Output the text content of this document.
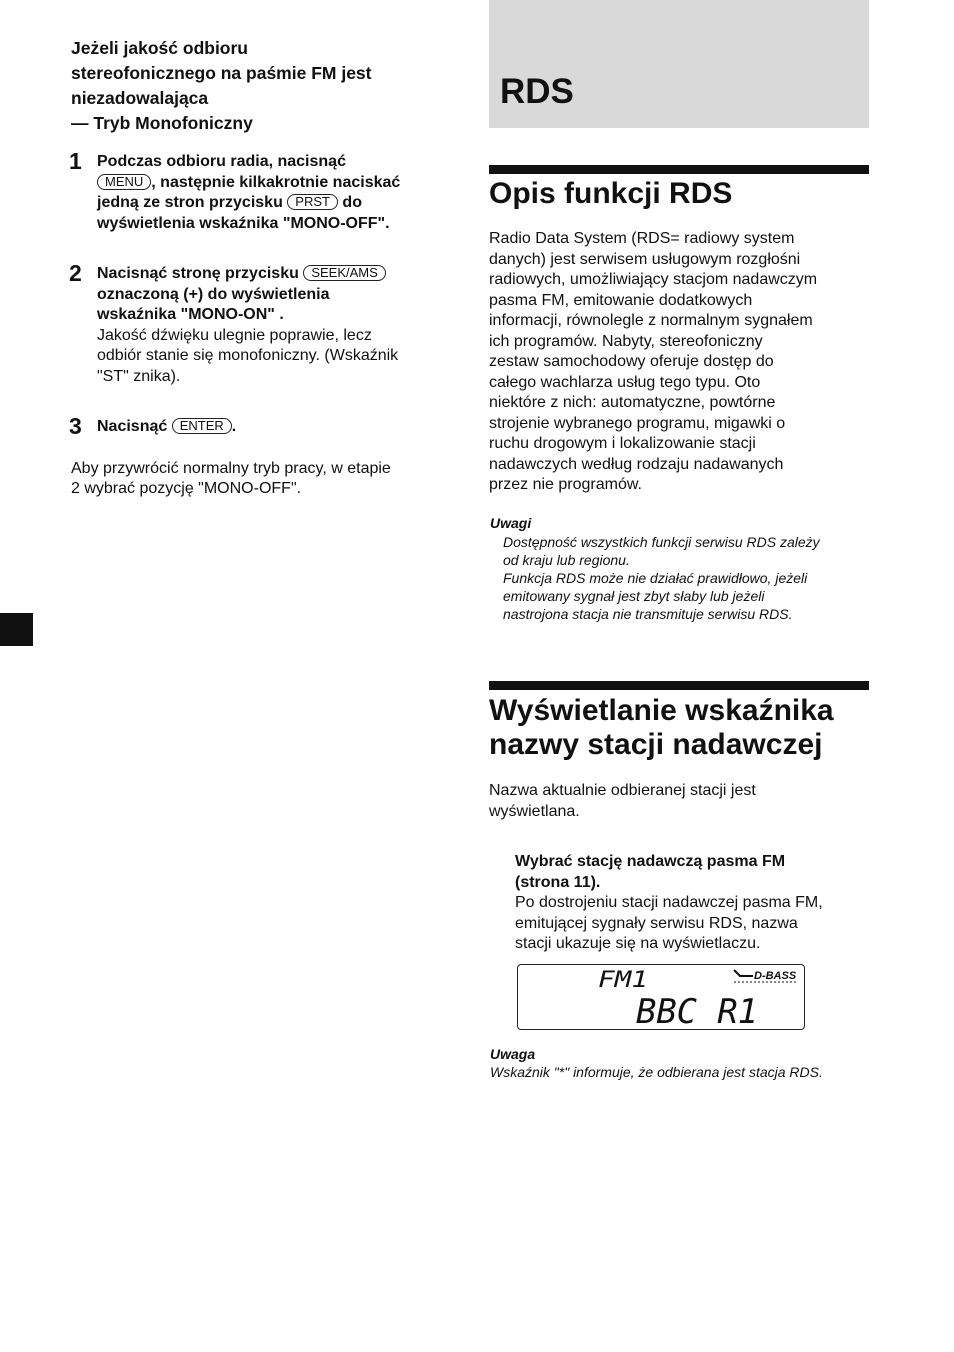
Jeżeli jakość odbioru
stereofonicznego na paśmie FM jest
niezadowalająca
— Tryb Monofoniczny
1 Podczas odbioru radia, nacisnąć
MENU , następnie kilkakrotnie naciskać
jedną ze stron przycisku PRST do
wyświetlenia wskaźnika "MONO-OFF".
2 Nacisnąć stronę przycisku SEEK/AMS
oznaczoną (+) do wyświetlenia
wskaźnika "MONO-ON" .
Jakość dźwięku ulegnie poprawie, lecz
odbiór stanie się monofoniczny. (Wskaźnik
"ST" znika).
3 Nacisnąć ENTER .

Aby przywrócić normalny tryb pracy, w etapie
2 wybrać pozycję "MONO-OFF".

RDS
Opis funkcji RDS

Radio Data System (RDS= radiowy system
danych) jest serwisem usługowym rozgłośni
radiowych, umożliwiający stacjom nadawczym
pasma FM, emitowanie dodatkowych
informacji, równolegle z normalnym sygnałem
ich programów. Nabyty, stereofoniczny
zestaw samochodowy oferuje dostęp do
całego wachlarza usług tego typu. Oto
niektóre z nich: automatyczne, powtórne
strojenie wybranego programu, migawki o
ruchu drogowym i lokalizowanie stacji
nadawczych według rodzaju nadawanych
przez nie programów.

Uwagi

Dostępność wszystkich funkcji serwisu RDS zależy
od kraju lub regionu.
Funkcja RDS może nie działać prawidłowo, jeżeli
emitowany sygnał jest zbyt słaby lub jeżeli
nastrojona stacja nie transmituje serwisu RDS.

Wyświetlanie wskaźnika
nazwy stacji nadawczej

Nazwa aktualnie odbieranej stacji jest
wyświetlana.

Wybrać stację nadawczą pasma FM
(strona 11).

Po dostrojeniu stacji nadawczej pasma FM,
emitującej sygnały serwisu RDS, nazwa
stacji ukazuje się na wyświetlaczu.

FM1	D-BASS
BBC R1

Uwaga

Wskaźnik "*" informuje, że odbierana jest stacja RDS.
